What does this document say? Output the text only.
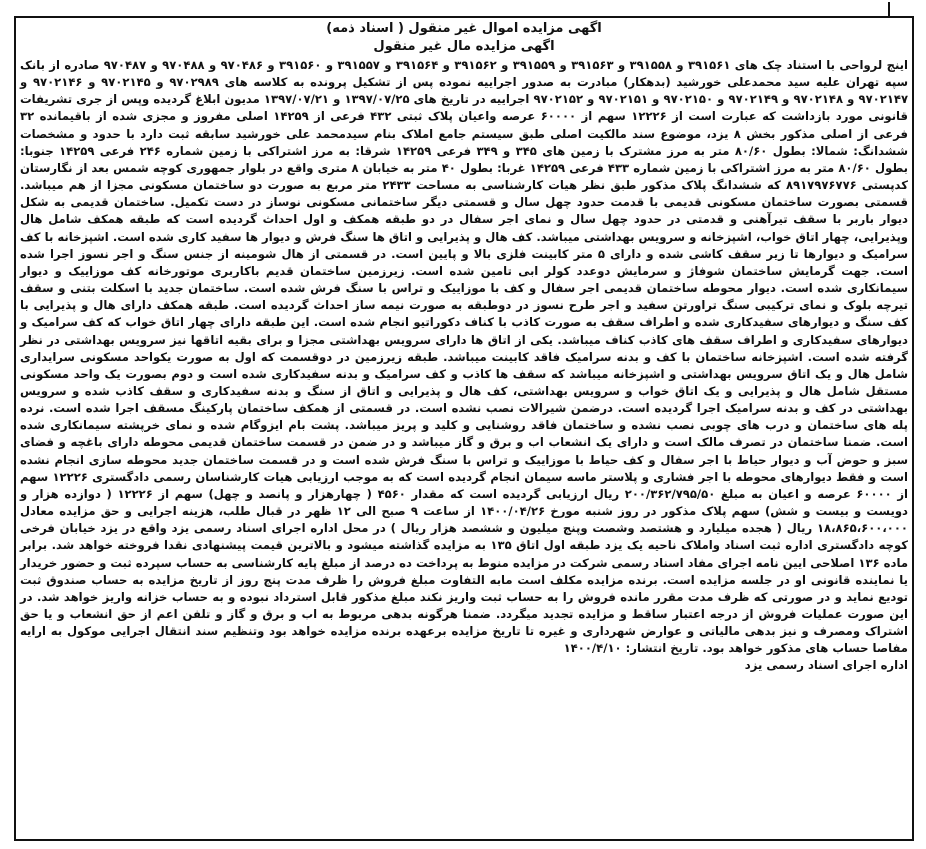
اگهی مزایده اموال غیر منقول ( اسناد ذمه)
اگهی مزایده مال غیر منقول

اینج لرواحی با استناد چک های ۳۹۱۵۶۱ و ۳۹۱۵۵۸ و ۳۹۱۵۶۳ و ۳۹۱۵۵۹ و ۳۹۱۵۶۲ و ۳۹۱۵۶۴ و ۳۹۱۵۵۷ و ۳۹۱۵۶۰ و ۹۷۰۴۸۶ و ۹۷۰۴۸۸ و ۹۷۰۴۸۷ صادره از بانک سپه تهران علیه سید محمدعلی خورشید (بدهکار) مبادرت به صدور اجراییه نموده پس از تشکیل پرونده به کلاسه های ۹۷۰۲۹۸۹ و ۹۷۰۲۱۴۵ و ۹۷۰۲۱۴۶ و ۹۷۰۲۱۴۷ و ۹۷۰۲۱۴۸ و ۹۷۰۲۱۴۹ و ۹۷۰۲۱۵۰ و ۹۷۰۲۱۵۱ و ۹۷۰۲۱۵۲ اجراییه در تاریخ های ۱۳۹۷/۰۷/۲۵ و ۱۳۹۷/۰۷/۲۱ مدیون ابلاغ گردیده وپس از جری تشریفات قانونی مورد بازداشت که عبارت است از ۱۲۲۲۶ سهم از ۶۰۰۰۰ عرصه واعیان پلاک ثبتی ۴۳۲ فرعی از ۱۴۲۵۹ اصلی مفروز و مجزی شده از باقیمانده ۳۲ فرعی از اصلی مذکور بخش ۸ یزد، موضوع سند مالکیت اصلی طبق سیستم جامع املاک بنام سیدمحمد علی خورشید سابقه ثبت دارد با حدود و مشخصات ششدانگ: شمالا: بطول ۸۰/۶۰ متر به مرز مشترک با زمین های ۳۴۵ و ۳۴۹ فرعی ۱۴۲۵۹ شرقا: به مرز اشتراکی با زمین شماره ۲۴۶ فرعی ۱۴۲۵۹ جنوبا: بطول ۸۰/۶۰ متر به مرز اشتراکی با زمین شماره ۴۳۳ فرعی ۱۴۲۵۹ غربا: بطول ۴۰ متر به خیابان ۸ متری واقع در بلوار جمهوری کوچه شمس بعد از نگارستان کدپستی ۸۹۱۷۹۷۶۷۷۶ که ششدانگ پلاک مذکور طبق نظر هیات کارشناسی به مساحت ۲۴۳۳ متر مربع به صورت دو ساختمان مسکونی مجزا از هم میباشد. قسمتی بصورت ساختمان مسکونی قدیمی با قدمت حدود چهل سال و قسمتی دیگر ساختمانی مسکونی نوساز در دست تکمیل. ساختمان قدیمی به شکل دیوار باربر با سقف تیرآهنی و قدمتی در حدود چهل سال و نمای اجر سفال در دو طبقه همکف و اول احداث گردیده است که طبقه همکف شامل هال وپذیرایی، چهار اتاق خواب، اشپزخانه و سرویس بهداشتی میباشد. کف هال و پذیرایی و اتاق ها سنگ فرش و دیوار ها سفید کاری شده است. اشپزخانه با کف سرامیک و دیوارها تا زیر سقف کاشی شده و دارای ۵ متر کابینت فلزی بالا و پایین است. در قسمتی از هال شومینه از جنس سنگ و اجر نسوز اجرا شده است. جهت گرمایش ساختمان شوفاژ و سرمایش دوعدد کولر ابی تامین شده است. زیرزمین ساختمان قدیم باکاربری موتورخانه کف موزاییک و دیوار سیمانکاری شده است. دیوار محوطه ساختمان قدیمی اجر سفال و کف با موزاییک و تراس با سنگ فرش شده است. ساختمان جدید با اسکلت بتنی و سقف تیرچه بلوک و نمای ترکیبی سنگ تراورتن سفید و اجر طرح نسوز در دوطبقه به صورت نیمه ساز احداث گردیده است. طبقه همکف دارای هال و پذیرایی با کف سنگ و دیوارهای سفیدکاری شده و اطراف سقف به صورت کاذب با کناف دکوراتیو انجام شده است. این طبقه دارای چهار اتاق خواب که کف سرامیک و دیوارهای سفیدکاری و اطراف سقف های کاذب کناف میباشد. یکی از اتاق ها دارای سرویس بهداشتی مجزا و برای بقیه اتاقها نیز سرویس بهداشتی در نظر گرفته شده است. اشپزخانه ساختمان با کف و بدنه سرامیک فاقد کابینت میباشد. طبقه زیرزمین در دوقسمت که اول به صورت یکواحد مسکونی سرایداری شامل هال و یک اتاق سرویس بهداشتی و اشپزخانه میباشد که سقف ها کاذب و کف سرامیک و بدنه سفیدکاری شده است و دوم بصورت یک واحد مسکونی مستقل شامل هال و پذیرایی و یک اتاق خواب و سرویس بهداشتی، کف هال و پذیرایی و اتاق از سنگ و بدنه سفیدکاری و سقف کاذب شده و سرویس بهداشتی در کف و بدنه سرامیک اجرا گردیده است. درضمن شیرالات نصب نشده است. در قسمتی از همکف ساختمان پارکینگ مسقف اجرا شده است. نرده پله های ساختمان و درب های چوبی نصب نشده و ساختمان فاقد روشنایی و کلید و پریز میباشد. پشت بام ایزوگام شده و نمای خرپشته سیمانکاری شده است. ضمنا ساختمان در تصرف مالک است و دارای یک انشعاب اب و برق و گاز میباشد و در ضمن در قسمت ساختمان قدیمی محوطه دارای باغچه و فضای سبز و حوض آب و دیوار حیاط با اجر سفال و کف حیاط با موزاییک و تراس با سنگ فرش شده است و در قسمت ساختمان جدید محوطه سازی انجام نشده است و فقط دیوارهای محوطه با اجر فشاری و پلاستر ماسه سیمان انجام گردیده است که به موجب ارزیابی هیات کارشناسان رسمی دادگستری ۱۲۲۲۶ سهم از ۶۰۰۰۰ عرصه و اعیان به مبلغ ۲۰۰/۳۶۲/۷۹۵/۵۰ ریال ارزیابی گردیده است که مقدار ۴۵۶۰ ( چهارهزار و پانصد و چهل) سهم از ۱۲۲۲۶ ( دوازده هزار و دویست و بیست و شش) سهم پلاک مذکور در روز شنبه مورخ ۱۴۰۰/۰۴/۲۶ از ساعت ۹ صبح الی ۱۲ ظهر در قبال طلب، هزینه اجرایی و حق مزایده معادل ۱۸،۸۶۵،۶۰۰،۰۰۰ ریال ( هجده میلیارد و هشتصد وشصت وپنج میلیون و ششصد هزار ریال ) در محل اداره اجرای اسناد رسمی یزد واقع در یزد خیابان فرخی کوچه دادگستری اداره ثبت اسناد واملاک ناحیه یک یزد طبقه اول اتاق ۱۳۵ به مزایده گذاشته میشود و بالاترین قیمت پیشنهادی نقدا فروخته خواهد شد. برابر ماده ۱۳۶ اصلاحی ایین نامه اجرای مفاد اسناد رسمی شرکت در مزایده منوط به پرداخت ده درصد از مبلغ پایه کارشناسی به حساب سپرده ثبت و حضور خریدار یا نماینده قانونی او در جلسه مزایده است. برنده مزایده مکلف است مابه التفاوت مبلغ فروش را ظرف مدت پنج روز از تاریخ مزایده به حساب صندوق ثبت تودیع نماید و در صورتی که ظرف مدت مقرر مانده فروش را به حساب ثبت واریز نکند مبلغ مذکور قابل استرداد نبوده و به حساب خزانه واریز خواهد شد. در این صورت عملیات فروش از درجه اعتبار ساقط و مزایده تجدید میگردد. ضمنا هرگونه بدهی مربوط به اب و برق و گاز و تلفن اعم از حق انشعاب و یا حق اشتراک ومصرف و نیز بدهی مالیاتی و عوارض شهرداری و غیره تا تاریخ مزایده برعهده برنده مزایده خواهد بود وتنظیم سند انتقال اجرایی موکول به ارایه مفاصا حساب های مذکور خواهد بود. تاریخ انتشار: ۱۴۰۰/۴/۱۰

اداره اجرای اسناد رسمی یزد
